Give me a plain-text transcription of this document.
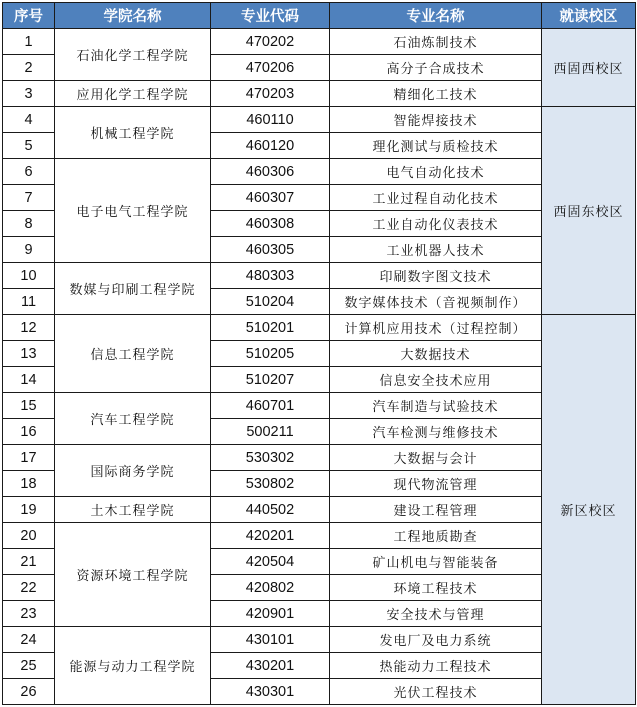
序号	学院名称	专业代码	专业名称	就读校区
1	石油化学工程学院	470202	石油炼制技术	西固西校区
2		470206	高分子合成技术	
3	应用化学工程学院	470203	精细化工技术	
4	机械工程学院	460110	智能焊接技术	西固东校区
5		460120	理化测试与质检技术	
6	电子电气工程学院	460306	电气自动化技术	
7		460307	工业过程自动化技术	
8		460308	工业自动化仪表技术	
9		460305	工业机器人技术	
10	数媒与印刷工程学院	480303	印刷数字图文技术	
11		510204	数字媒体技术（音视频制作）	
12	信息工程学院	510201	计算机应用技术（过程控制）	新区校区
13		510205	大数据技术	
14		510207	信息安全技术应用	
15	汽车工程学院	460701	汽车制造与试验技术	
16		500211	汽车检测与维修技术	
17	国际商务学院	530302	大数据与会计	
18		530802	现代物流管理	
19	土木工程学院	440502	建设工程管理	
20	资源环境工程学院	420201	工程地质勘查	
21		420504	矿山机电与智能装备	
22		420802	环境工程技术	
23		420901	安全技术与管理	
24	能源与动力工程学院	430101	发电厂及电力系统	
25		430201	热能动力工程技术	
26		430301	光伏工程技术	
